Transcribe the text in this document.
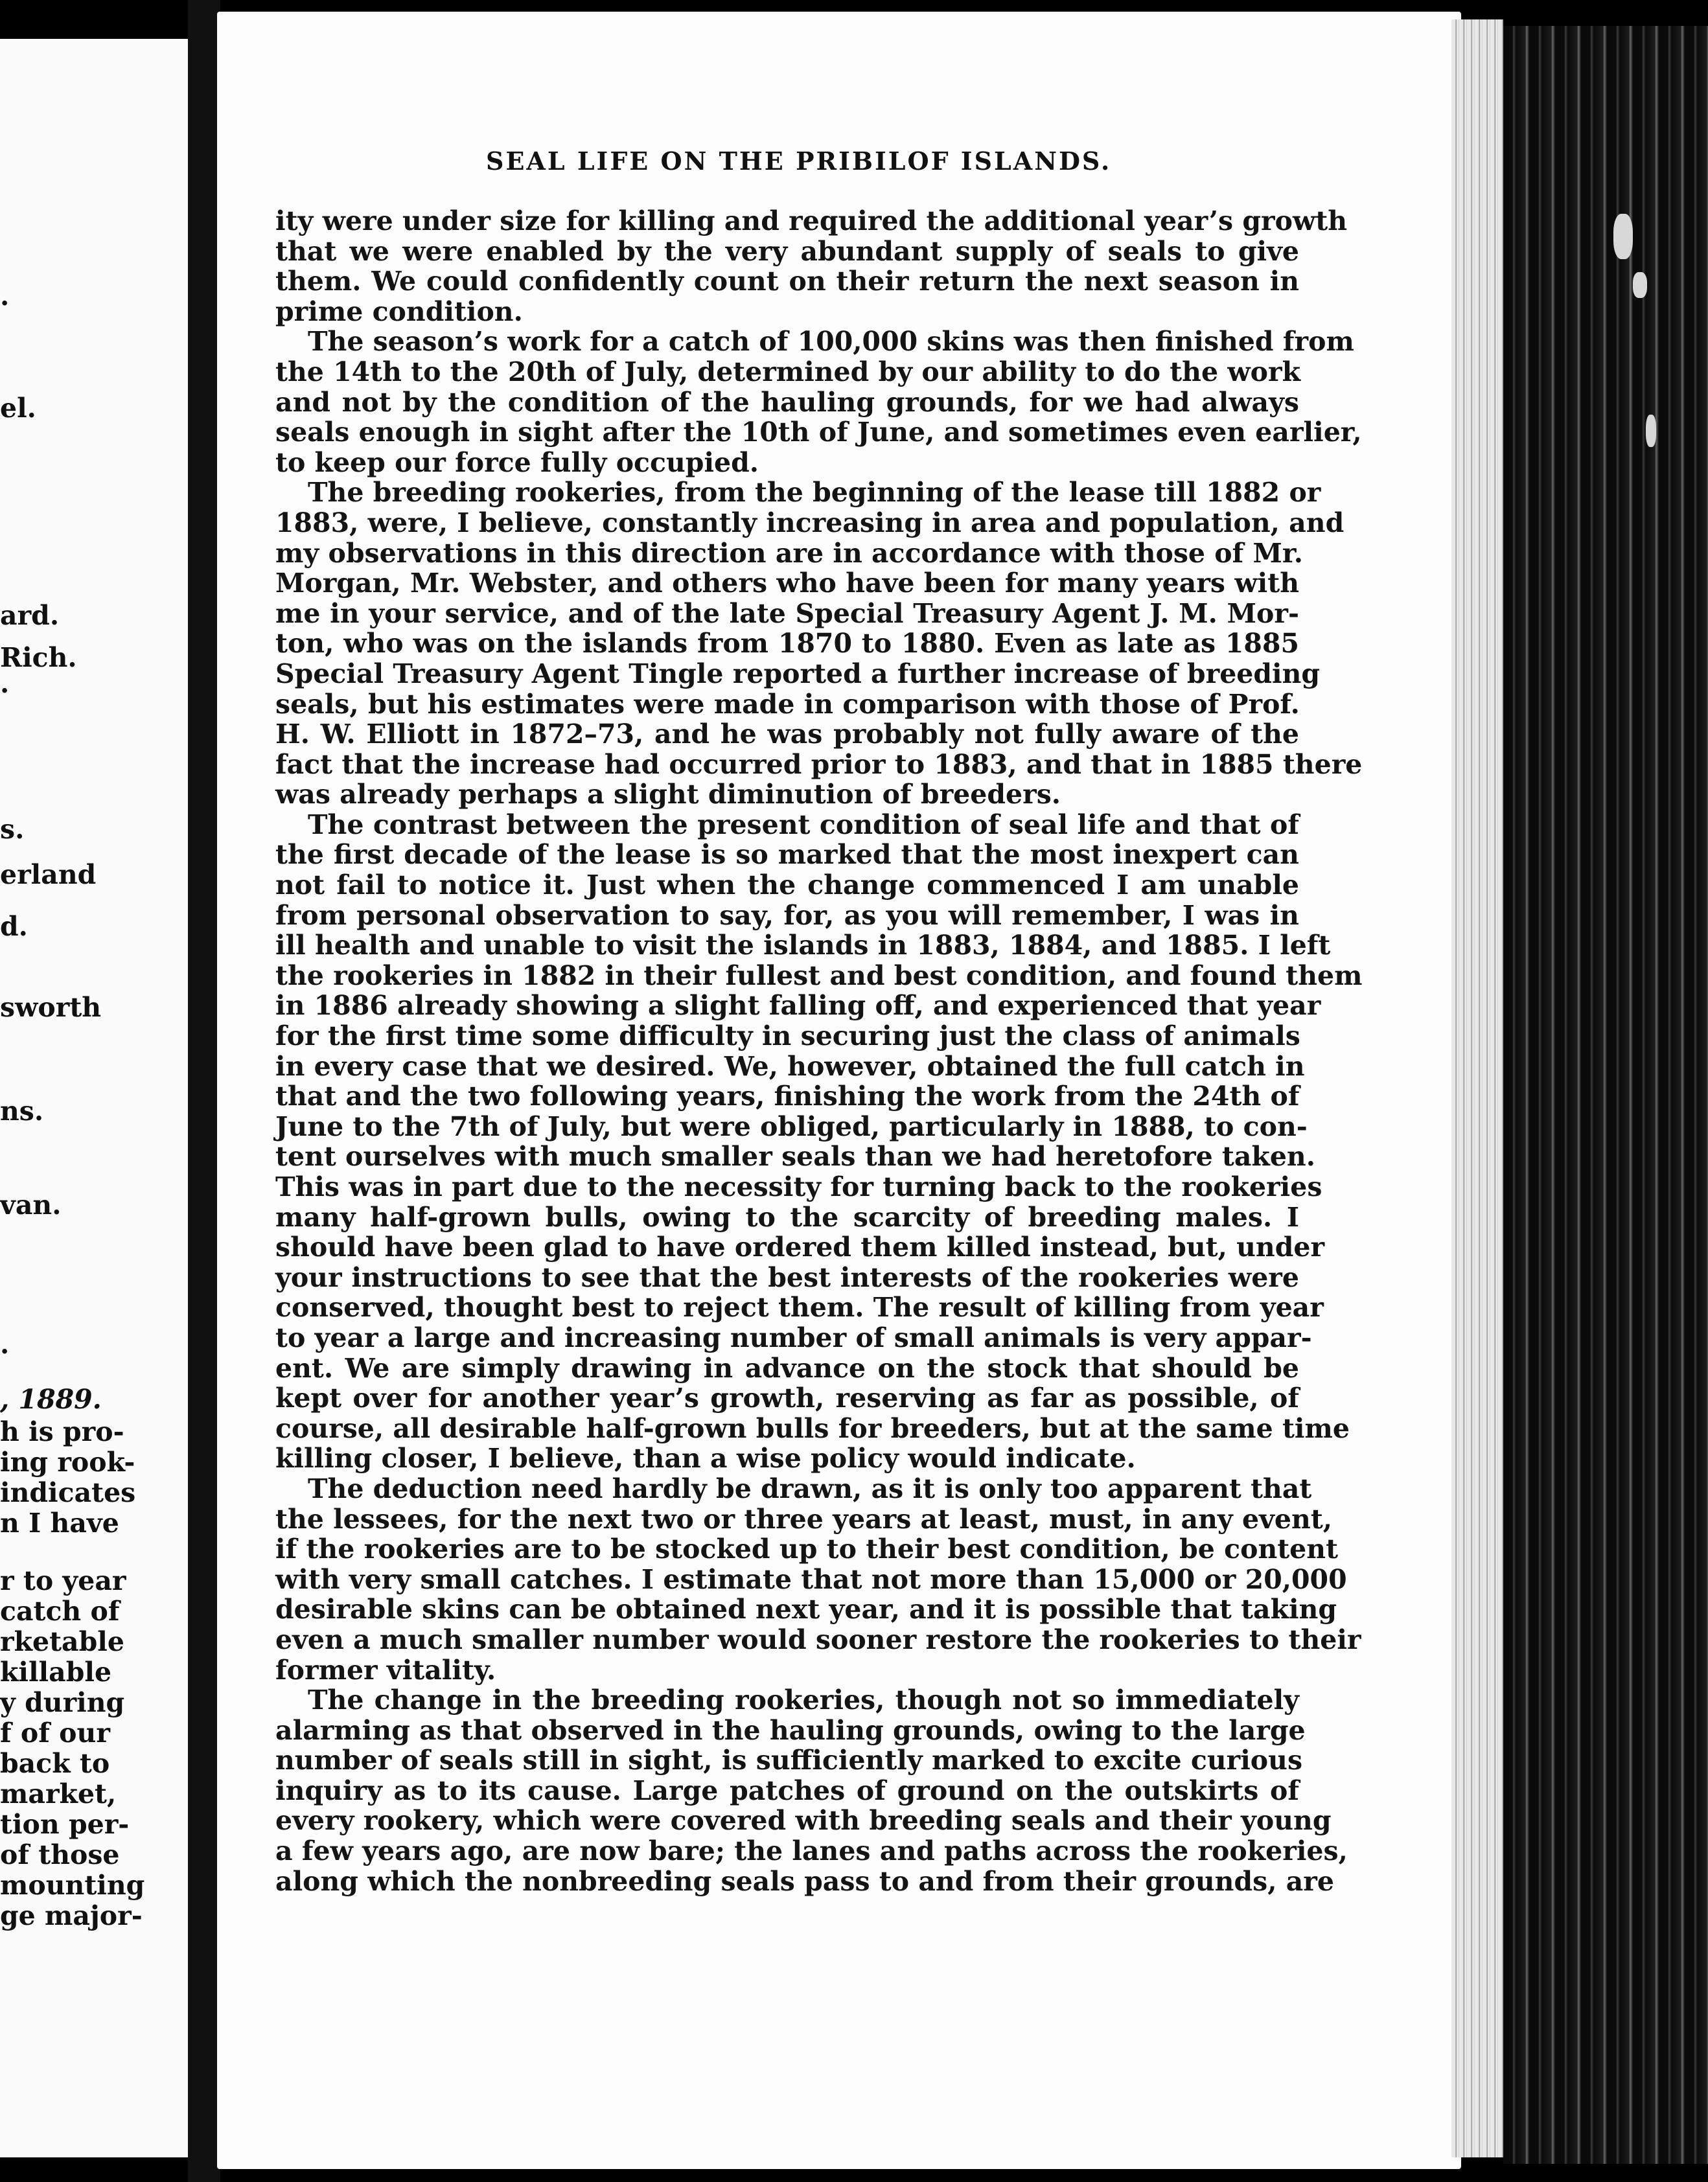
.
el.
ard.
Rich.
.
s.
erland
d.
sworth
ns.
van.
.
, 1889.
h is pro-
ing rook-
indicates
n I have
r to year
catch of
rketable
killable
y during
f of our
back to
market,
tion per-
of those
mounting
ge major-
SEAL LIFE ON THE PRIBILOF ISLANDS.
ity were under size for killing and required the additional year’s growth
that we were enabled by the very abundant supply of seals to give
them. We could confidently count on their return the next season in
prime condition.
The season’s work for a catch of 100,000 skins was then finished from
the 14th to the 20th of July, determined by our ability to do the work
and not by the condition of the hauling grounds, for we had always
seals enough in sight after the 10th of June, and sometimes even earlier,
to keep our force fully occupied.
The breeding rookeries, from the beginning of the lease till 1882 or
1883, were, I believe, constantly increasing in area and population, and
my observations in this direction are in accordance with those of Mr.
Morgan, Mr. Webster, and others who have been for many years with
me in your service, and of the late Special Treasury Agent J. M. Mor-
ton, who was on the islands from 1870 to 1880. Even as late as 1885
Special Treasury Agent Tingle reported a further increase of breeding
seals, but his estimates were made in comparison with those of Prof.
H. W. Elliott in 1872–73, and he was probably not fully aware of the
fact that the increase had occurred prior to 1883, and that in 1885 there
was already perhaps a slight diminution of breeders.
The contrast between the present condition of seal life and that of
the first decade of the lease is so marked that the most inexpert can
not fail to notice it. Just when the change commenced I am unable
from personal observation to say, for, as you will remember, I was in
ill health and unable to visit the islands in 1883, 1884, and 1885. I left
the rookeries in 1882 in their fullest and best condition, and found them
in 1886 already showing a slight falling off, and experienced that year
for the first time some difficulty in securing just the class of animals
in every case that we desired. We, however, obtained the full catch in
that and the two following years, finishing the work from the 24th of
June to the 7th of July, but were obliged, particularly in 1888, to con-
tent ourselves with much smaller seals than we had heretofore taken.
This was in part due to the necessity for turning back to the rookeries
many half-grown bulls, owing to the scarcity of breeding males. I
should have been glad to have ordered them killed instead, but, under
your instructions to see that the best interests of the rookeries were
conserved, thought best to reject them. The result of killing from year
to year a large and increasing number of small animals is very appar-
ent. We are simply drawing in advance on the stock that should be
kept over for another year’s growth, reserving as far as possible, of
course, all desirable half-grown bulls for breeders, but at the same time
killing closer, I believe, than a wise policy would indicate.
The deduction need hardly be drawn, as it is only too apparent that
the lessees, for the next two or three years at least, must, in any event,
if the rookeries are to be stocked up to their best condition, be content
with very small catches. I estimate that not more than 15,000 or 20,000
desirable skins can be obtained next year, and it is possible that taking
even a much smaller number would sooner restore the rookeries to their
former vitality.
The change in the breeding rookeries, though not so immediately
alarming as that observed in the hauling grounds, owing to the large
number of seals still in sight, is sufficiently marked to excite curious
inquiry as to its cause. Large patches of ground on the outskirts of
every rookery, which were covered with breeding seals and their young
a few years ago, are now bare; the lanes and paths across the rookeries,
along which the nonbreeding seals pass to and from their grounds, are
